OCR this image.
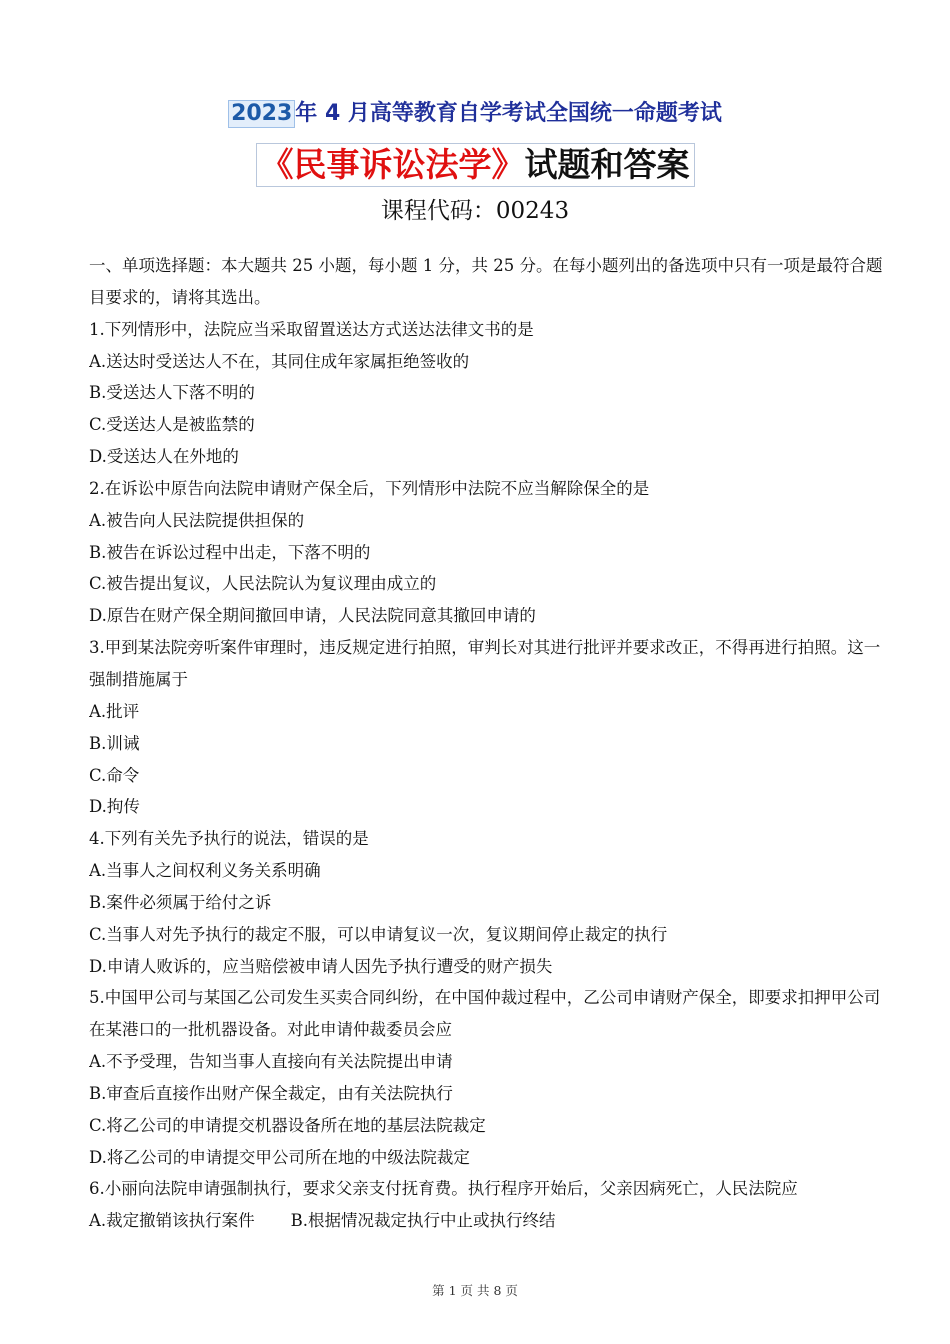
2023 年 4 月高等教育自学考试全国统一命题考试
《民事诉讼法学》试题和答案
课程代码：00243

一、单项选择题：本大题共 25 小题，每小题 1 分，共 25 分。在每小题列出的备选项中只有一项是最符合题目要求的，请将其选出。

1.下列情形中，法院应当采取留置送达方式送达法律文书的是

A.送达时受送达人不在，其同住成年家属拒绝签收的

B.受送达人下落不明的

C.受送达人是被监禁的

D.受送达人在外地的

2.在诉讼中原告向法院申请财产保全后，下列情形中法院不应当解除保全的是

A.被告向人民法院提供担保的

B.被告在诉讼过程中出走，下落不明的

C.被告提出复议，人民法院认为复议理由成立的

D.原告在财产保全期间撤回申请，人民法院同意其撤回申请的

3.甲到某法院旁听案件审理时，违反规定进行拍照，审判长对其进行批评并要求改正，不得再进行拍照。这一强制措施属于

A.批评

B.训诫

C.命令

D.拘传

4.下列有关先予执行的说法，错误的是

A.当事人之间权利义务关系明确

B.案件必须属于给付之诉

C.当事人对先予执行的裁定不服，可以申请复议一次，复议期间停止裁定的执行

D.申请人败诉的，应当赔偿被申请人因先予执行遭受的财产损失

5.中国甲公司与某国乙公司发生买卖合同纠纷，在中国仲裁过程中，乙公司申请财产保全，即要求扣押甲公司在某港口的一批机器设备。对此申请仲裁委员会应

A.不予受理，告知当事人直接向有关法院提出申请

B.审查后直接作出财产保全裁定，由有关法院执行

C.将乙公司的申请提交机器设备所在地的基层法院裁定

D.将乙公司的申请提交甲公司所在地的中级法院裁定

6.小丽向法院申请强制执行，要求父亲支付抚育费。执行程序开始后，父亲因病死亡，人民法院应

A.裁定撤销该执行案件 B.根据情况裁定执行中止或执行终结

第 1 页 共 8 页
